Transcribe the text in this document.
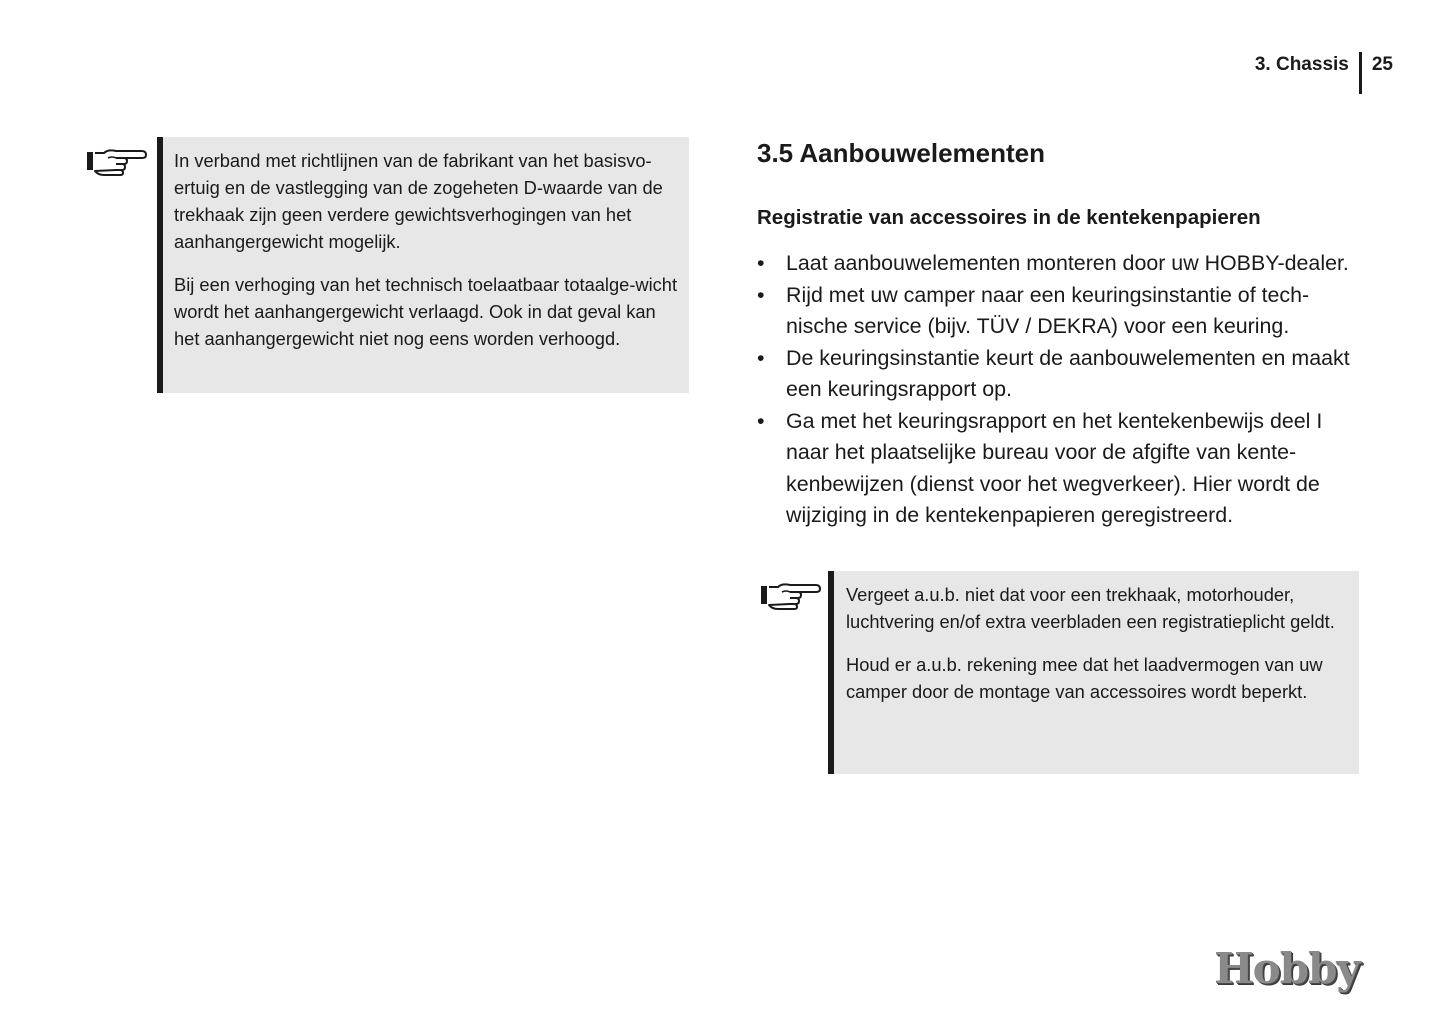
3. Chassis	25

In verband met richtlijnen van de fabrikant van het basisvo-ertuig en de vastlegging van de zogeheten D-waarde van de trekhaak zijn geen verdere gewichtsverhogingen van het aanhangergewicht mogelijk.

Bij een verhoging van het technisch toelaatbaar totaalge-wicht wordt het aanhangergewicht verlaagd. Ook in dat geval kan het aanhangergewicht niet nog eens worden verhoogd.

3.5 Aanbouwelementen
Registratie van accessoires in de kentekenpapieren
• Laat aanbouwelementen monteren door uw HOBBY-dealer.
• Rijd met uw camper naar een keuringsinstantie of tech-nische service (bijv. TÜV / DEKRA) voor een keuring.
• De keuringsinstantie keurt de aanbouwelementen en maakt een keuringsrapport op.
• Ga met het keuringsrapport en het kentekenbewijs deel I naar het plaatselijke bureau voor de afgifte van kente-kenbewijzen (dienst voor het wegverkeer). Hier wordt de wijziging in de kentekenpapieren geregistreerd.

Vergeet a.u.b. niet dat voor een trekhaak, motorhouder, luchtvering en/of extra veerbladen een registratieplicht geldt.

Houd er a.u.b. rekening mee dat het laadvermogen van uw camper door de montage van accessoires wordt beperkt.

Hobby
